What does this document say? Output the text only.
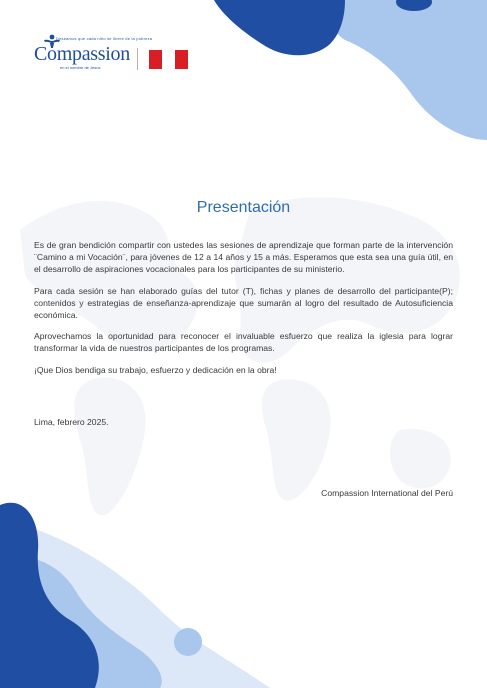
Deseamos que cada niño se libere de la pobreza
Compassion
en el nombre de Jesús
Presentación

Es de gran bendición compartir con ustedes las sesiones de aprendizaje que forman parte de la intervención ¨Camino a mi Vocación¨, para jóvenes de 12 a 14 años y 15 a más. Esperamos que esta sea una guía útil, en el desarrollo de aspiraciones vocacionales para los participantes de su ministerio.

Para cada sesión se han elaborado guías del tutor (T), fichas y planes de desarrollo del participante(P); contenidos y estrategias de enseñanza-aprendizaje que sumarán al logro del resultado de Autosuficiencia económica.

Aprovechamos la oportunidad para reconocer el invaluable esfuerzo que realiza la iglesia para lograr transformar la vida de nuestros participantes de los programas.

¡Que Dios bendiga su trabajo, esfuerzo y dedicación en la obra!

Lima, febrero 2025.
Compassion International del Perú
